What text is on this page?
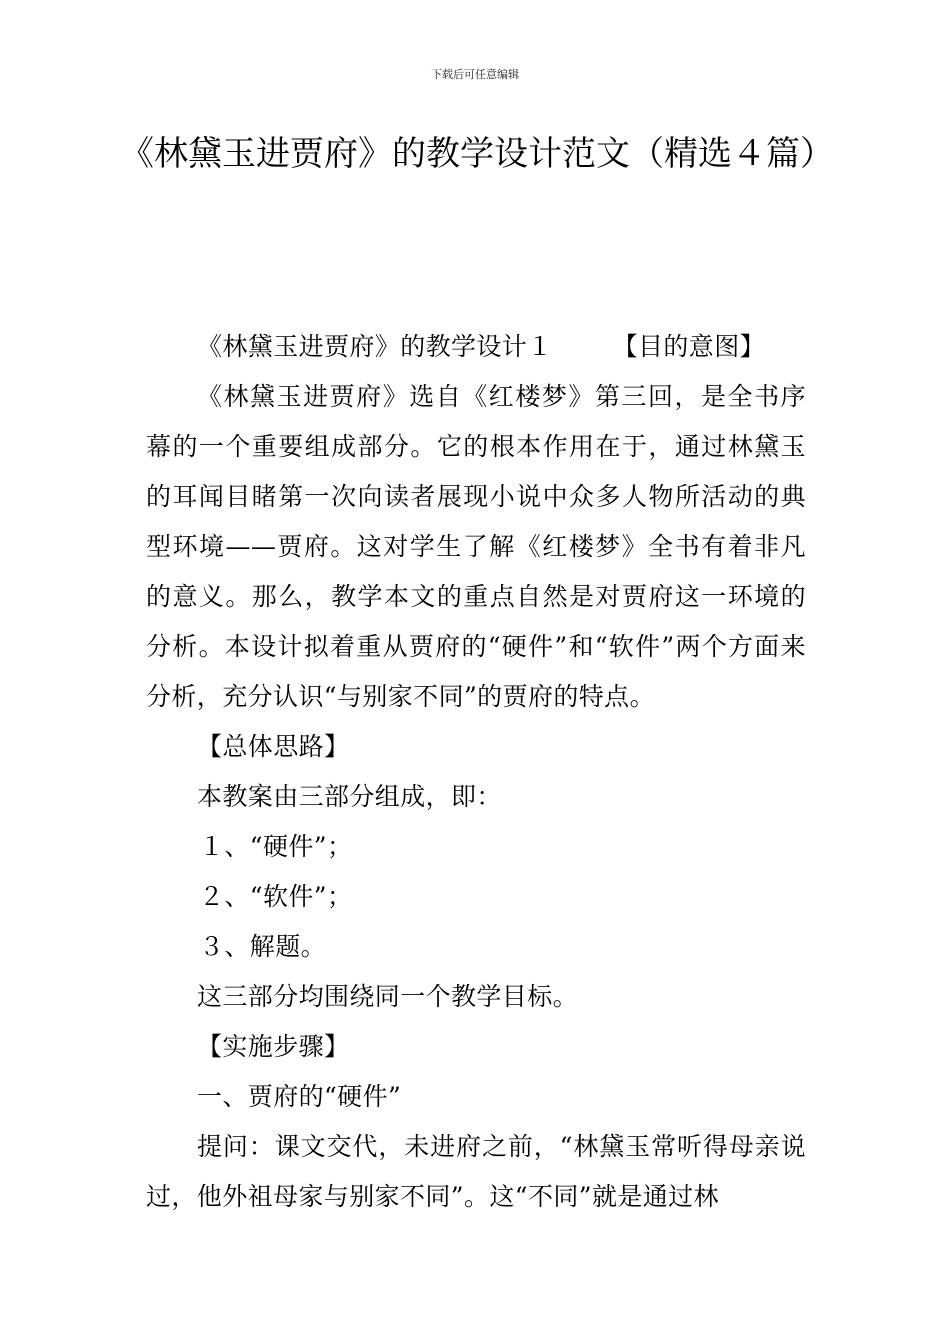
下载后可任意编辑
《林黛玉进贾府》的教学设计范文（精选４篇）

《林黛玉进贾府》的教学设计１ 【目的意图】

《林黛玉进贾府》选自《红楼梦》第三回，是全书序幕的一个重要组成部分。它的根本作用在于，通过林黛玉的耳闻目睹第一次向读者展现小说中众多人物所活动的典型环境——贾府。这对学生了解《红楼梦》全书有着非凡的意义。那么，教学本文的重点自然是对贾府这一环境的分析。本设计拟着重从贾府的“硬件”和“软件”两个方面来分析，充分认识“与别家不同”的贾府的特点。

【总体思路】

本教案由三部分组成，即：

１、“硬件”；

２、“软件”；

３、解题。

这三部分均围绕同一个教学目标。

【实施步骤】

一、贾府的“硬件”

提问：课文交代，未进府之前，“林黛玉常听得母亲说过，他外祖母家与别家不同”。这“不同”就是通过林
